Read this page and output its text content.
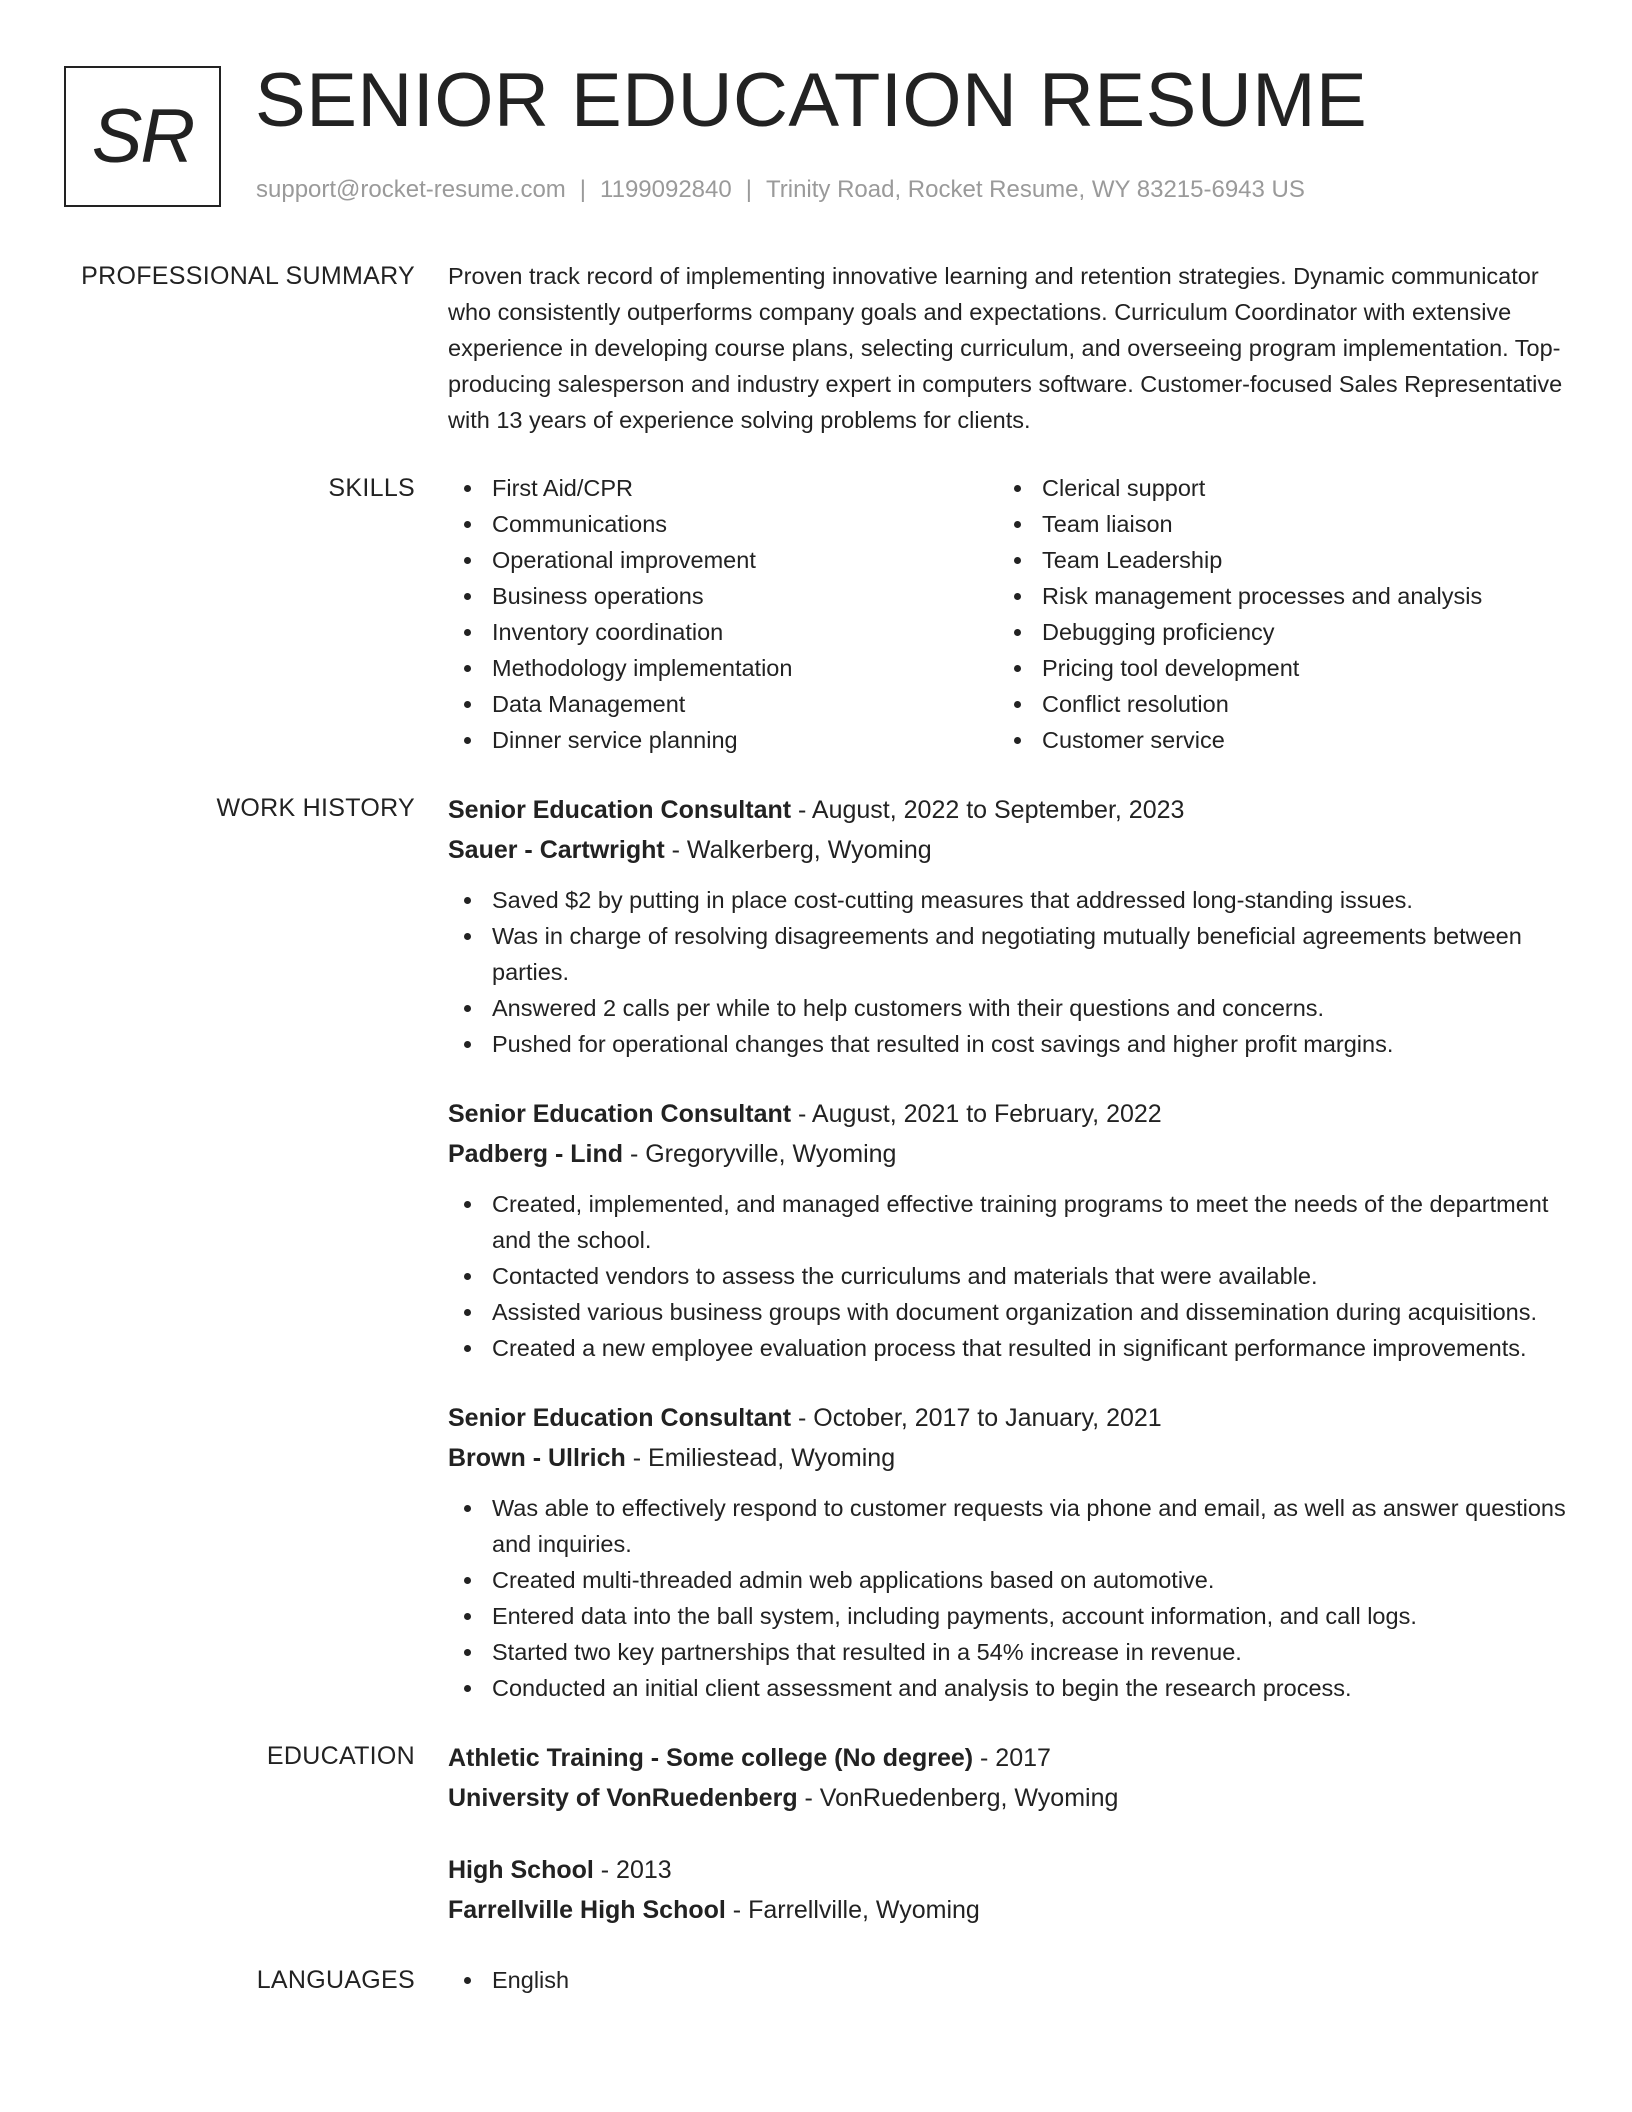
SR SENIOR EDUCATION RESUME
support@rocket-resume.com | 1199092840 | Trinity Road, Rocket Resume, WY 83215-6943 US
PROFESSIONAL SUMMARY Proven track record of implementing innovative learning and retention strategies. Dynamic communicator who consistently outperforms company goals and expectations. Curriculum Coordinator with extensive experience in developing course plans, selecting curriculum, and overseeing program implementation. Top-producing salesperson and industry expert in computers software. Customer-focused Sales Representative with 13 years of experience solving problems for clients.

SKILLS	First Aid/CPR
Communications
Operational improvement
Business operations
Inventory coordination
Methodology implementation
Data Management
Dinner service planning
Clerical support
Team liaison
Team Leadership
Risk management processes and analysis
Debugging proficiency
Pricing tool development
Conflict resolution
Customer service
WORK HISTORY Senior Education Consultant - August, 2022 to September, 2023
Sauer - Cartwright - Walkerberg, Wyoming
Saved $2 by putting in place cost-cutting measures that addressed long-standing issues.
Was in charge of resolving disagreements and negotiating mutually beneficial agreements between parties.
Answered 2 calls per while to help customers with their questions and concerns.
Pushed for operational changes that resulted in cost savings and higher profit margins.
Senior Education Consultant - August, 2021 to February, 2022
Padberg - Lind - Gregoryville, Wyoming
Created, implemented, and managed effective training programs to meet the needs of the department and the school.
Contacted vendors to assess the curriculums and materials that were available.
Assisted various business groups with document organization and dissemination during acquisitions.
Created a new employee evaluation process that resulted in significant performance improvements.
Senior Education Consultant - October, 2017 to January, 2021
Brown - Ullrich - Emiliestead, Wyoming
Was able to effectively respond to customer requests via phone and email, as well as answer questions and inquiries.
Created multi-threaded admin web applications based on automotive.
Entered data into the ball system, including payments, account information, and call logs.
Started two key partnerships that resulted in a 54% increase in revenue.
Conducted an initial client assessment and analysis to begin the research process.
EDUCATION Athletic Training - Some college (No degree) - 2017
University of VonRuedenberg - VonRuedenberg, Wyoming
High School - 2013
Farrellville High School - Farrellville, Wyoming
LANGUAGES	English
